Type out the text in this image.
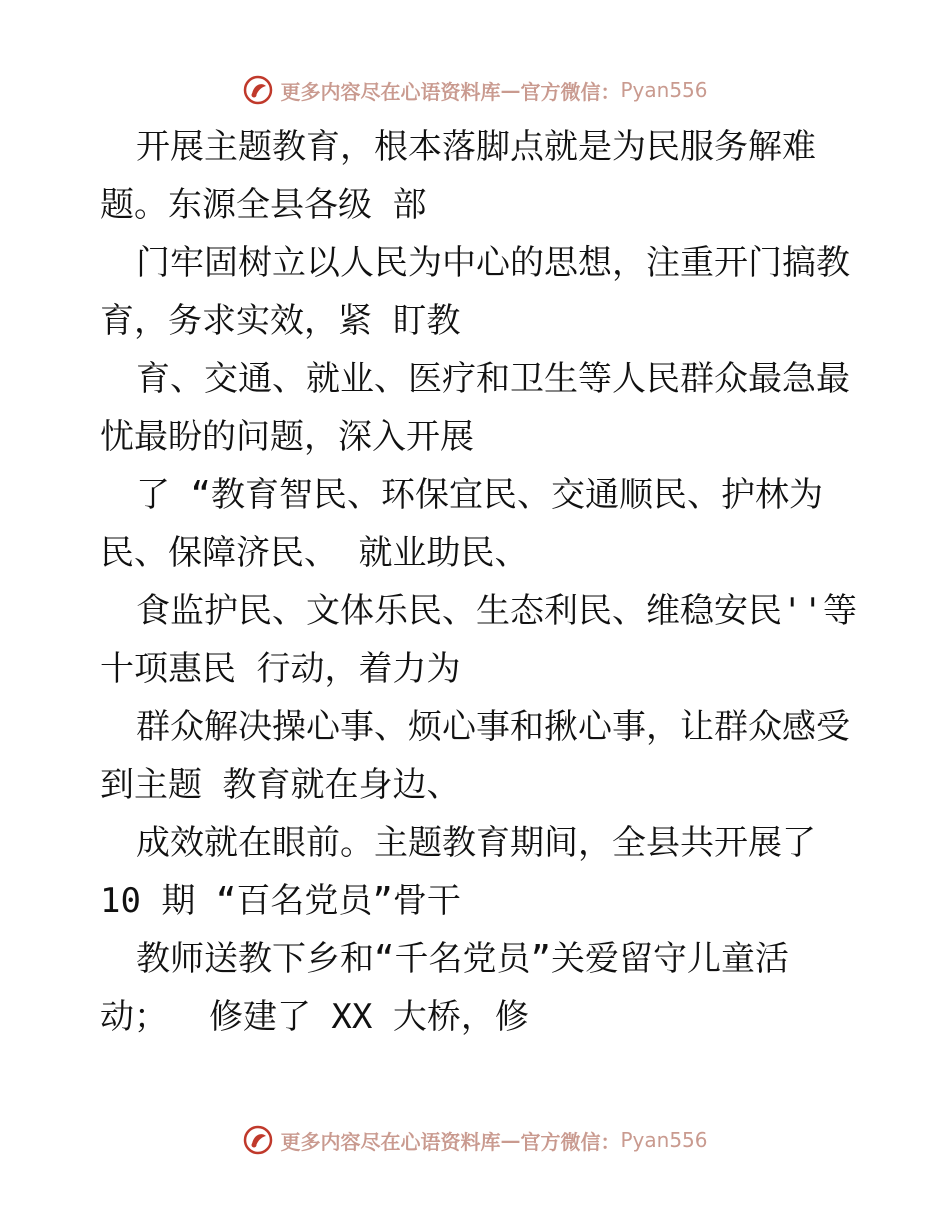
更多内容尽在心语资料库 — 官方微信： Pyan556
开展主题教育，根本落脚点就是为民服务解难
题。东源全县各级 部
门牢固树立以人民为中心的思想，注重开门搞教
育，务求实效，紧 盯教
育、交通、就业、医疗和卫生等人民群众最急最
忧最盼的问题，深入开展
了 “教育智民、环保宜民、交通顺民、护林为
民、保障济民、 就业助民、
食监护民、文体乐民、生态利民、维稳安民''等
十项惠民 行动，着力为
群众解决操心事、烦心事和揪心事，让群众感受
到主题 教育就在身边、
成效就在眼前。主题教育期间，全县共开展了
10 期 “百名党员”骨干
教师送教下乡和“千名党员”关爱留守儿童活
动；  修建了 XX 大桥，修
更多内容尽在心语资料库 — 官方微信： Pyan556
